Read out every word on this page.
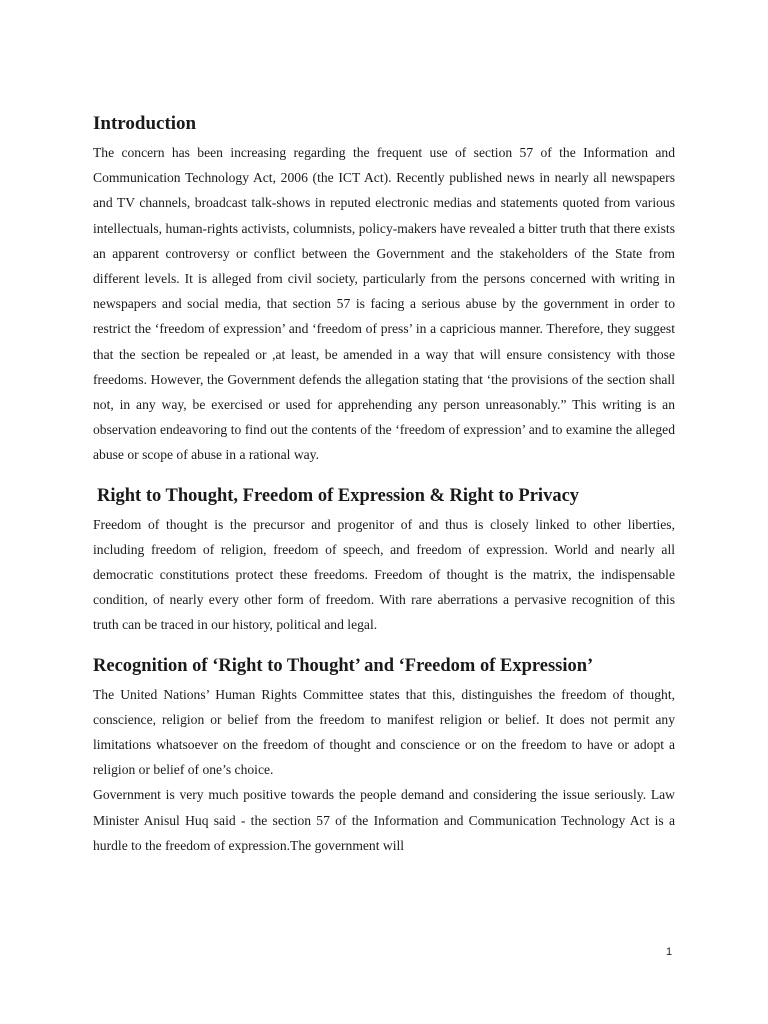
Introduction

The concern has been increasing regarding the frequent use of section 57 of the Information and Communication Technology Act, 2006 (the ICT Act). Recently published news in nearly all newspapers and TV channels, broadcast talk-shows in reputed electronic medias and statements quoted from various intellectuals, human-rights activists, columnists, policy-makers have revealed a bitter truth that there exists an apparent controversy or conflict between the Government and the stakeholders of the State from different levels. It is alleged from civil society, particularly from the persons concerned with writing in newspapers and social media, that section 57 is facing a serious abuse by the government in order to restrict the ‘freedom of expression’ and ‘freedom of press’ in a capricious manner. Therefore, they suggest that the section be repealed or ,at least, be amended in a way that will ensure consistency with those freedoms. However, the Government defends the allegation stating that ‘the provisions of the section shall not, in any way, be exercised or used for apprehending any person unreasonably.” This writing is an observation endeavoring to find out the contents of the ‘freedom of expression’ and to examine the alleged abuse or scope of abuse in a rational way.

Right to Thought, Freedom of Expression & Right to Privacy

Freedom of thought is the precursor and progenitor of and thus is closely linked to other liberties, including freedom of religion, freedom of speech, and freedom of expression. World and nearly all democratic constitutions protect these freedoms. Freedom of thought is the matrix, the indispensable condition, of nearly every other form of freedom. With rare aberrations a pervasive recognition of this truth can be traced in our history, political and legal.

Recognition of ‘Right to Thought’ and ‘Freedom of Expression’

The United Nations’ Human Rights Committee states that this, distinguishes the freedom of thought, conscience, religion or belief from the freedom to manifest religion or belief. It does not permit any limitations whatsoever on the freedom of thought and conscience or on the freedom to have or adopt a religion or belief of one’s choice.

Government is very much positive towards the people demand and considering the issue seriously. Law Minister Anisul Huq said - the section 57 of the Information and Communication Technology Act is a hurdle to the freedom of expression.The government will

1
